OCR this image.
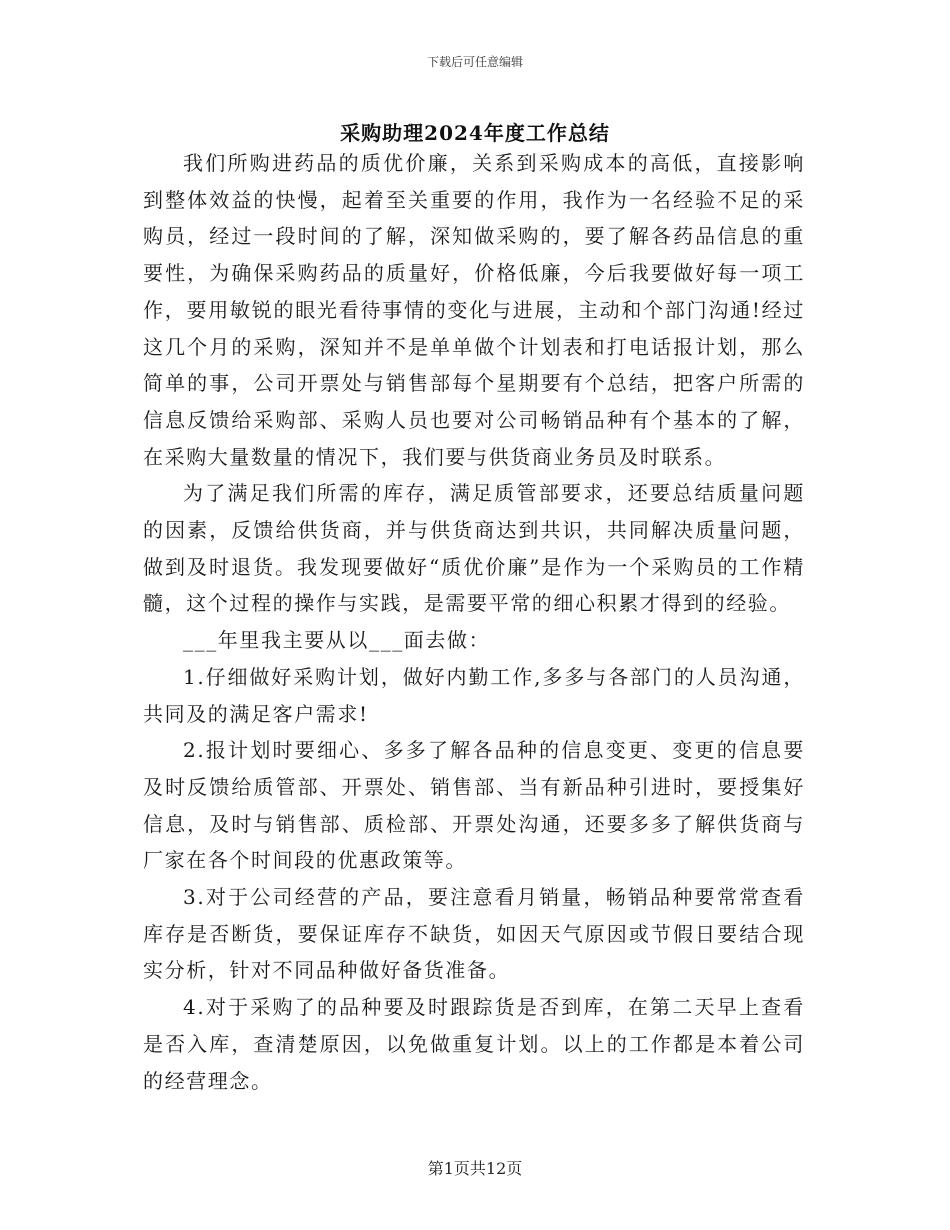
下载后可任意编辑
采购助理2024年度工作总结

我们所购进药品的质优价廉，关系到采购成本的高低，直接影响到整体效益的快慢，起着至关重要的作用，我作为一名经验不足的采购员，经过一段时间的了解，深知做采购的，要了解各药品信息的重要性，为确保采购药品的质量好，价格低廉，今后我要做好每一项工作，要用敏锐的眼光看待事情的变化与进展，主动和个部门沟通!经过这几个月的采购，深知并不是单单做个计划表和打电话报计划，那么简单的事，公司开票处与销售部每个星期要有个总结，把客户所需的信息反馈给采购部、采购人员也要对公司畅销品种有个基本的了解，在采购大量数量的情况下，我们要与供货商业务员及时联系。

为了满足我们所需的库存，满足质管部要求，还要总结质量问题的因素，反馈给供货商，并与供货商达到共识，共同解决质量问题，做到及时退货。我发现要做好“质优价廉”是作为一个采购员的工作精髓，这个过程的操作与实践，是需要平常的细心积累才得到的经验。

___年里我主要从以___面去做：

1.仔细做好采购计划，做好内勤工作,多多与各部门的人员沟通，共同及的满足客户需求!

2.报计划时要细心、多多了解各品种的信息变更、变更的信息要及时反馈给质管部、开票处、销售部、当有新品种引进时，要授集好信息，及时与销售部、质检部、开票处沟通，还要多多了解供货商与厂家在各个时间段的优惠政策等。

3.对于公司经营的产品，要注意看月销量，畅销品种要常常查看库存是否断货，要保证库存不缺货，如因天气原因或节假日要结合现实分析，针对不同品种做好备货准备。

4.对于采购了的品种要及时跟踪货是否到库，在第二天早上查看是否入库，查清楚原因，以免做重复计划。以上的工作都是本着公司的经营理念。

第1页共12页
